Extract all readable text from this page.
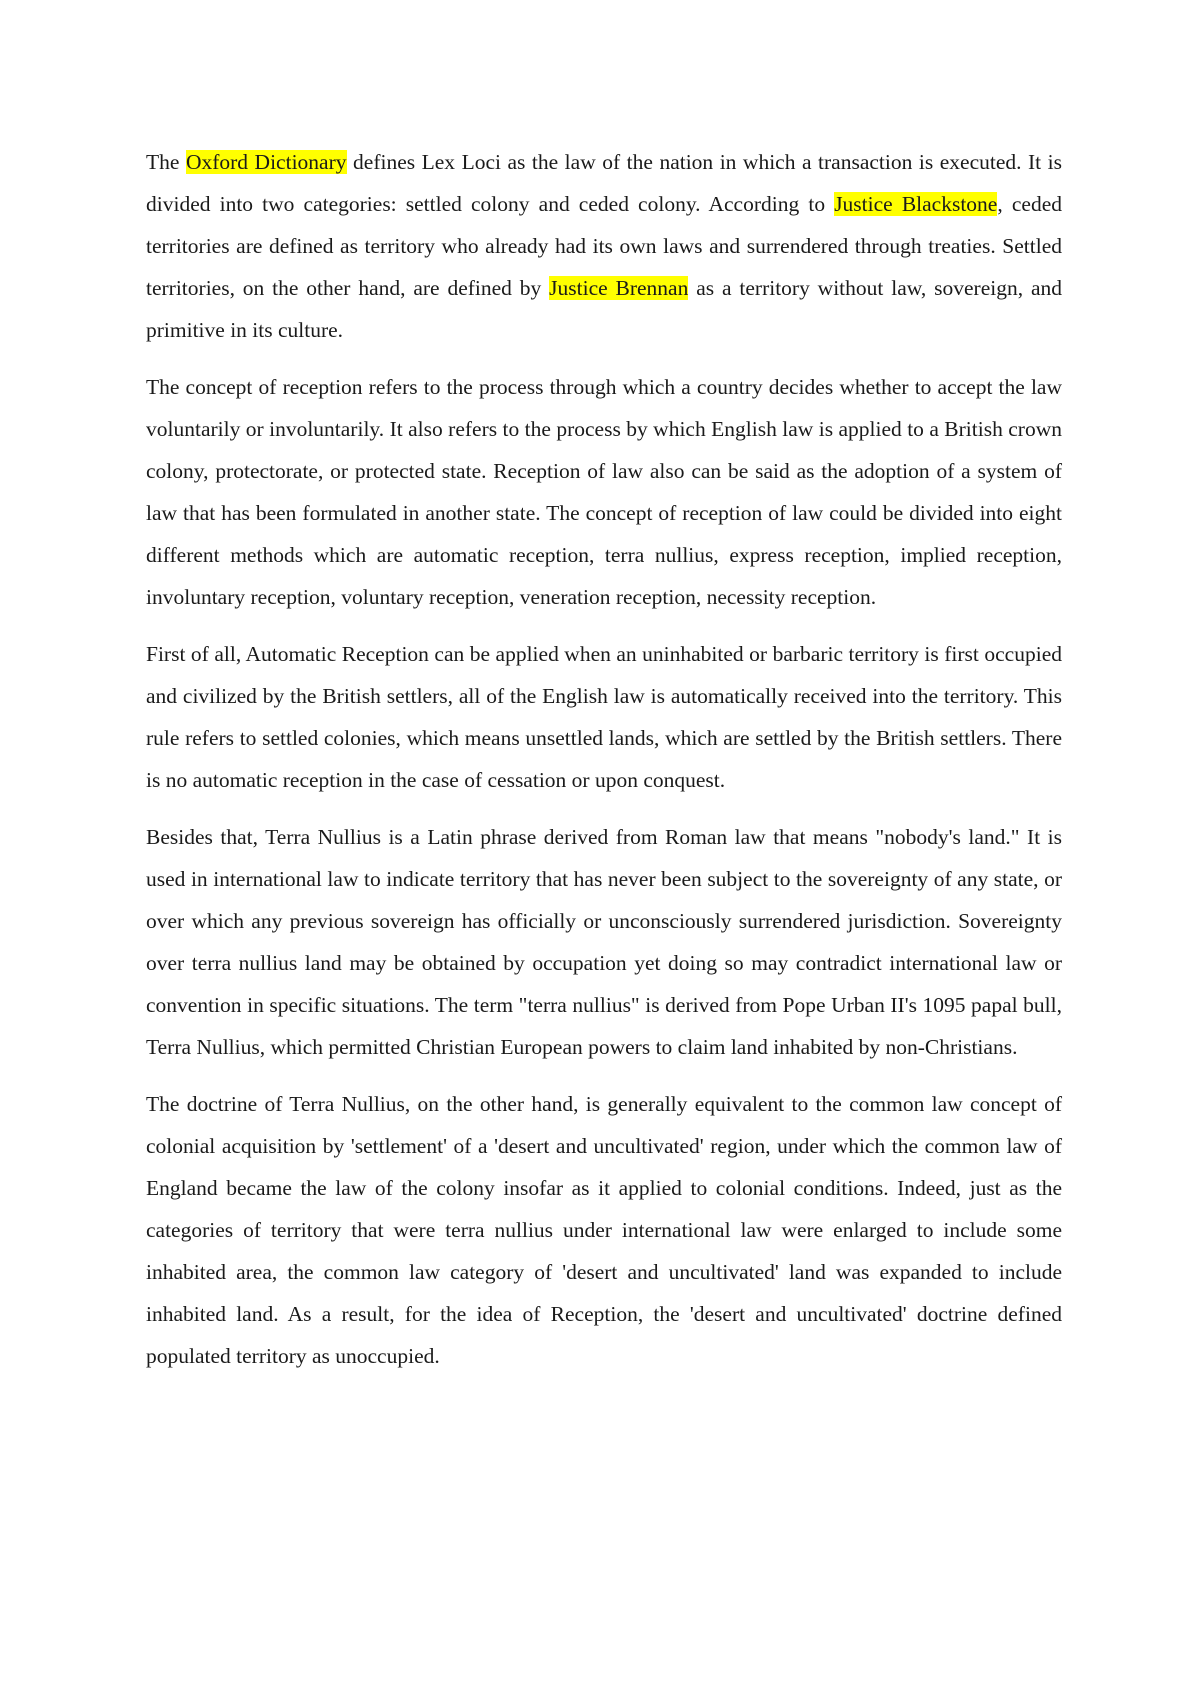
The Oxford Dictionary defines Lex Loci as the law of the nation in which a transaction is executed. It is divided into two categories: settled colony and ceded colony. According to Justice Blackstone, ceded territories are defined as territory who already had its own laws and surrendered through treaties. Settled territories, on the other hand, are defined by Justice Brennan as a territory without law, sovereign, and primitive in its culture.

The concept of reception refers to the process through which a country decides whether to accept the law voluntarily or involuntarily. It also refers to the process by which English law is applied to a British crown colony, protectorate, or protected state. Reception of law also can be said as the adoption of a system of law that has been formulated in another state. The concept of reception of law could be divided into eight different methods which are automatic reception, terra nullius, express reception, implied reception, involuntary reception, voluntary reception, veneration reception, necessity reception.

First of all, Automatic Reception can be applied when an uninhabited or barbaric territory is first occupied and civilized by the British settlers, all of the English law is automatically received into the territory. This rule refers to settled colonies, which means unsettled lands, which are settled by the British settlers. There is no automatic reception in the case of cessation or upon conquest.

Besides that, Terra Nullius is a Latin phrase derived from Roman law that means "nobody's land." It is used in international law to indicate territory that has never been subject to the sovereignty of any state, or over which any previous sovereign has officially or unconsciously surrendered jurisdiction. Sovereignty over terra nullius land may be obtained by occupation yet doing so may contradict international law or convention in specific situations. The term "terra nullius" is derived from Pope Urban II's 1095 papal bull, Terra Nullius, which permitted Christian European powers to claim land inhabited by non-Christians.

The doctrine of Terra Nullius, on the other hand, is generally equivalent to the common law concept of colonial acquisition by 'settlement' of a 'desert and uncultivated' region, under which the common law of England became the law of the colony insofar as it applied to colonial conditions. Indeed, just as the categories of territory that were terra nullius under international law were enlarged to include some inhabited area, the common law category of 'desert and uncultivated' land was expanded to include inhabited land. As a result, for the idea of Reception, the 'desert and uncultivated' doctrine defined populated territory as unoccupied.
